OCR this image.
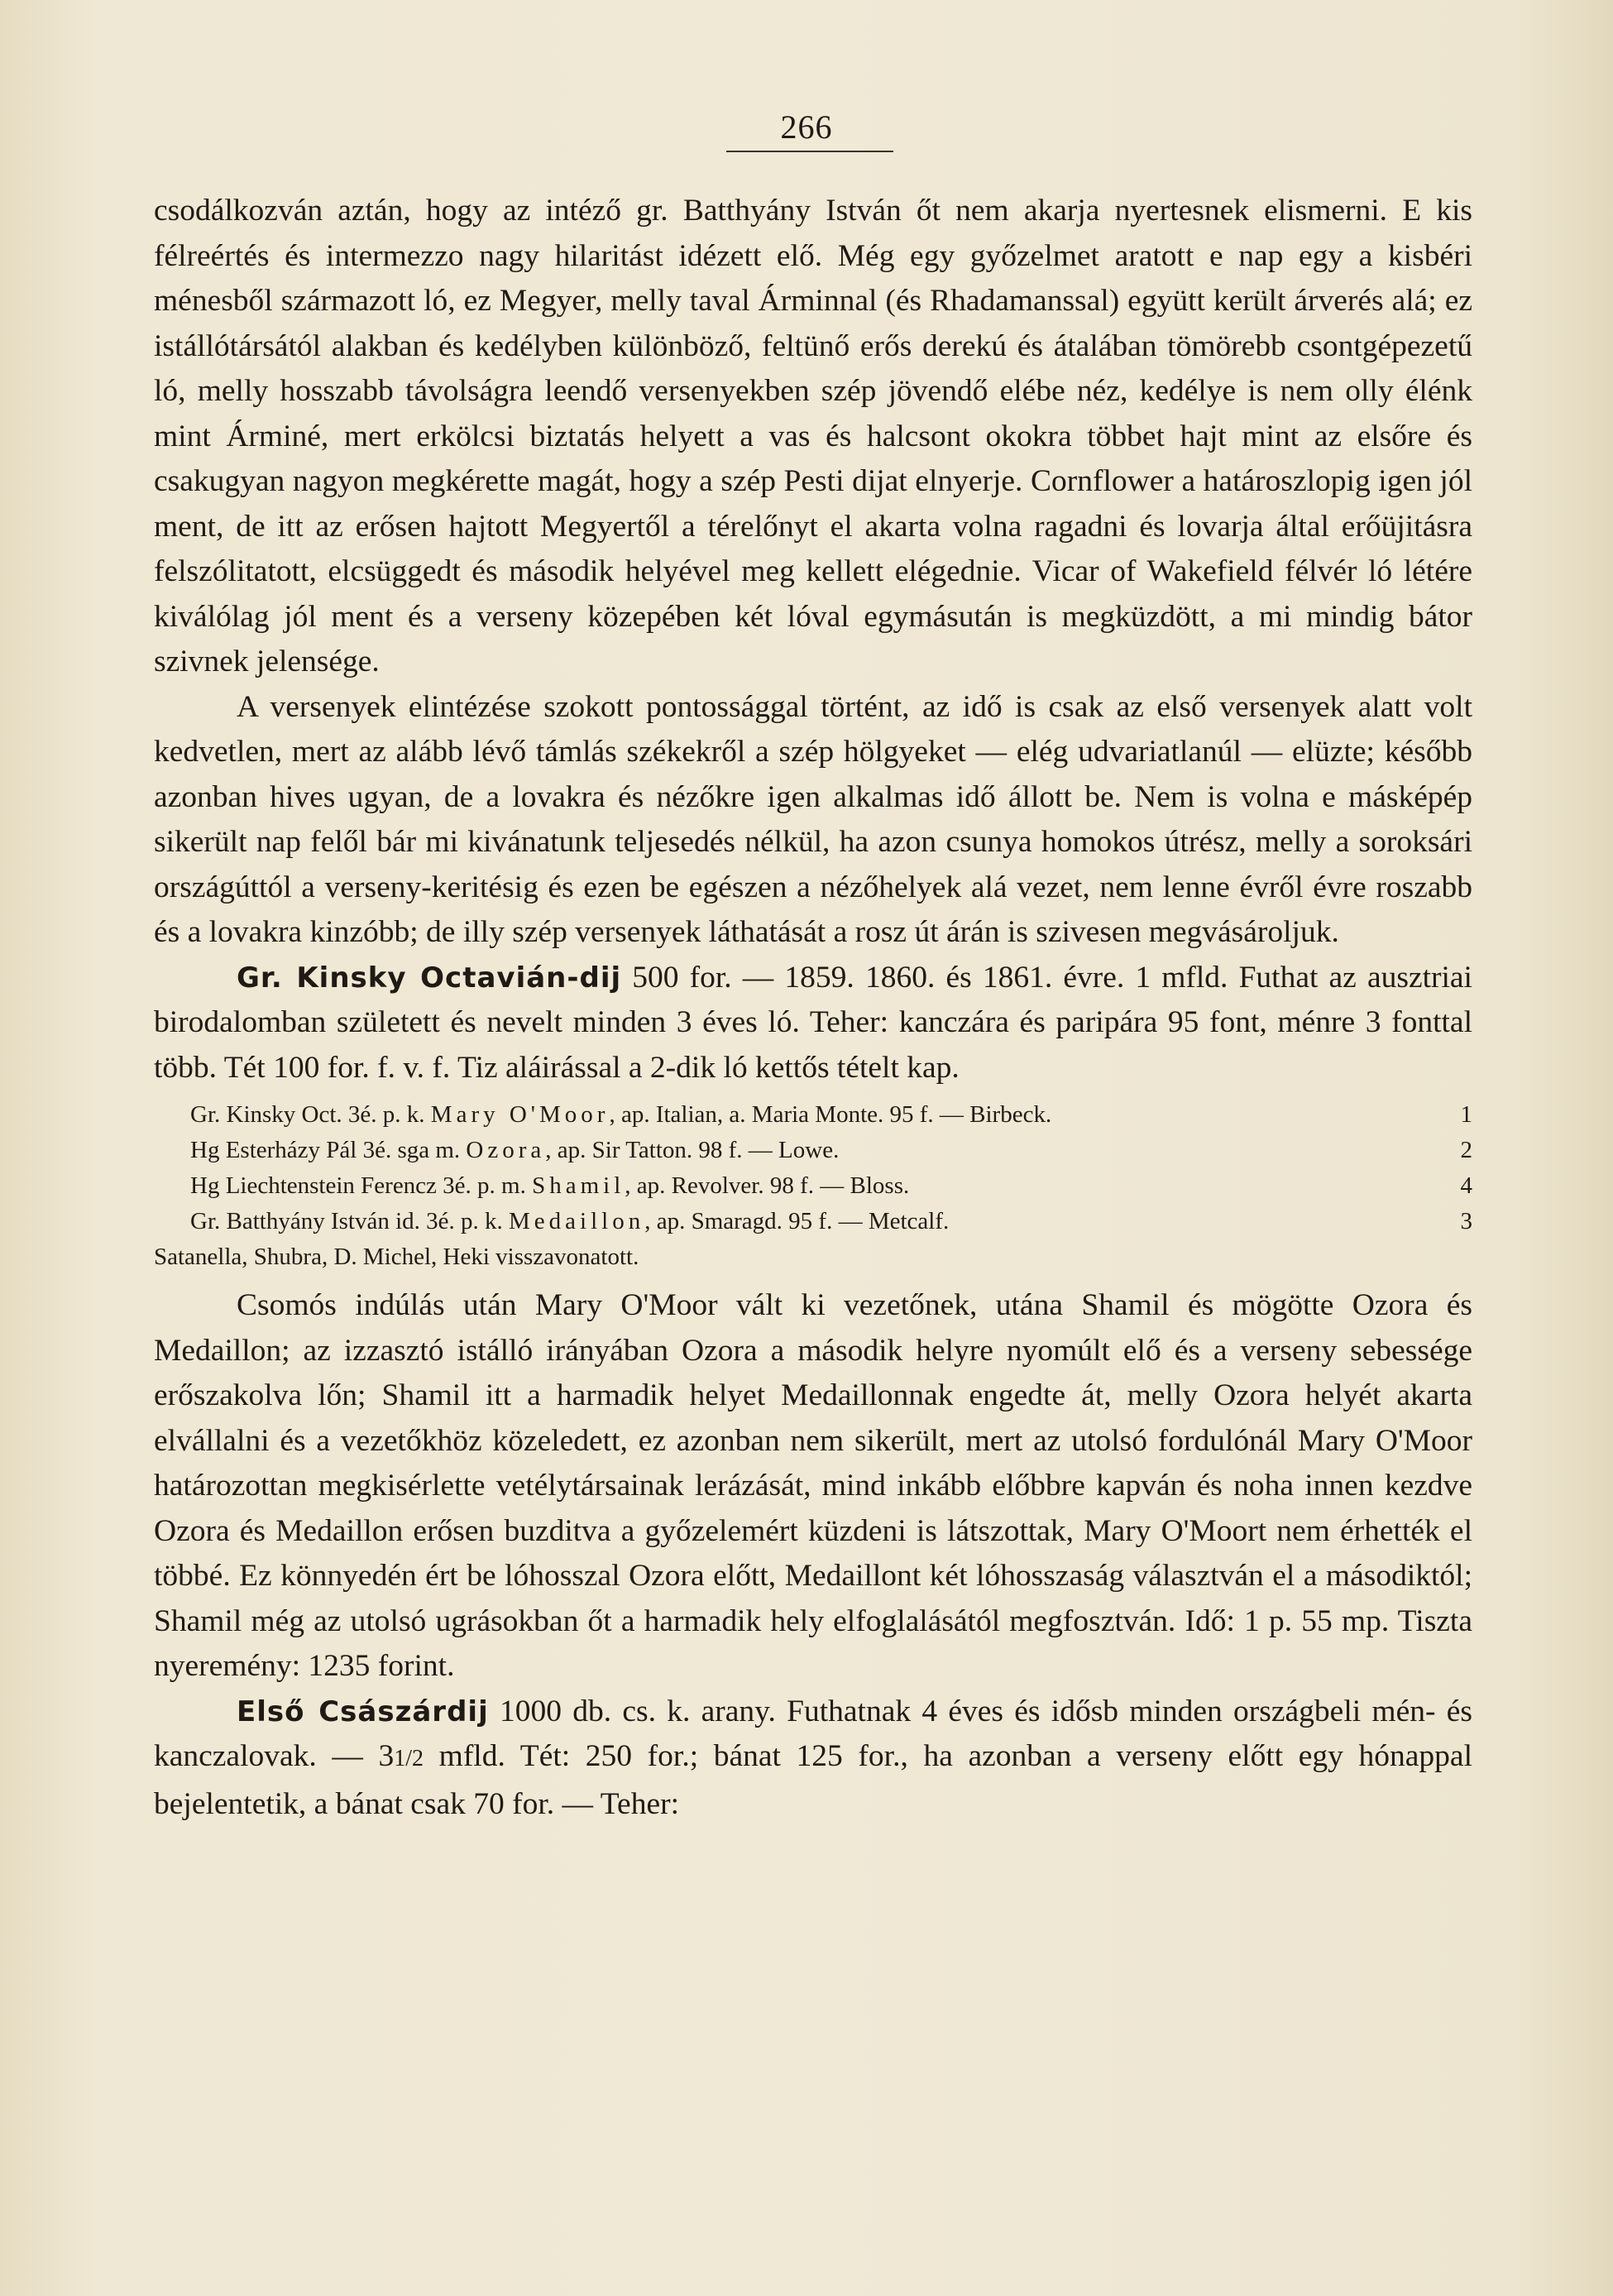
266

csodálkozván aztán, hogy az intéző gr. Batthyány István őt nem akarja nyertesnek elismerni. E kis félreértés és intermezzo nagy hilaritást idézett elő. Még egy győzelmet aratott e nap egy a kisbéri ménesből származott ló, ez Megyer, melly taval Árminnal (és Rhadamanssal) együtt került árverés alá; ez istállótársától alakban és kedélyben különböző, feltünő erős derekú és átalában tömörebb csontgépezetű ló, melly hosszabb távolságra leendő versenyekben szép jövendő elébe néz, kedélye is nem olly élénk mint Árminé, mert erkölcsi biztatás helyett a vas és halcsont okokra többet hajt mint az elsőre és csakugyan nagyon megkérette magát, hogy a szép Pesti dijat elnyerje. Cornflower a határoszlopig igen jól ment, de itt az erősen hajtott Megyertől a térelőnyt el akarta volna ragadni és lovarja által erőüjitásra felszólitatott, elcsüggedt és második helyével meg kellett elégednie. Vicar of Wakefield félvér ló létére kiválólag jól ment és a verseny közepében két lóval egymásután is megküzdött, a mi mindig bátor szivnek jelensége.

A versenyek elintézése szokott pontossággal történt, az idő is csak az első versenyek alatt volt kedvetlen, mert az alább lévő támlás székekről a szép hölgyeket — elég udvariatlanúl — elüzte; később azonban hives ugyan, de a lovakra és nézőkre igen alkalmas idő állott be. Nem is volna e másképép sikerült nap felől bár mi kivánatunk teljesedés nélkül, ha azon csunya homokos útrész, melly a soroksári országúttól a verseny-keritésig és ezen be egészen a nézőhelyek alá vezet, nem lenne évről évre roszabb és a lovakra kinzóbb; de illy szép versenyek láthatását a rosz út árán is szivesen megvásároljuk.

Gr. Kinsky Octavián-dij 500 for. — 1859. 1860. és 1861. évre. 1 mfld. Futhat az ausztriai birodalomban született és nevelt minden 3 éves ló. Teher: kanczára és paripára 95 font, ménre 3 fonttal több. Tét 100 for. f. v. f. Tiz aláirással a 2-dik ló kettős tételt kap.

Gr. Kinsky Oct. 3é. p. k. Mary O'Moor, ap. Italian, a. Maria Monte. 95 f. — Birbeck.	1
Hg Esterházy Pál 3é. sga m. Ozora, ap. Sir Tatton. 98 f. — Lowe.	2
Hg Liechtenstein Ferencz 3é. p. m. Shamil, ap. Revolver. 98 f. — Bloss.	4
Gr. Batthyány István id. 3é. p. k. Medaillon, ap. Smaragd. 95 f. — Metcalf.	3
Satanella, Shubra, D. Michel, Heki visszavonatott.

Csomós indúlás után Mary O'Moor vált ki vezetőnek, utána Shamil és mögötte Ozora és Medaillon; az izzasztó istálló irányában Ozora a második helyre nyomúlt elő és a verseny sebessége erőszakolva lőn; Shamil itt a harmadik helyet Medaillonnak engedte át, melly Ozora helyét akarta elvállalni és a vezetőkhöz közeledett, ez azonban nem sikerült, mert az utolsó fordulónál Mary O'Moor határozottan megkisérlette vetélytársainak lerázását, mind inkább előbbre kapván és noha innen kezdve Ozora és Medaillon erősen buzditva a győzelemért küzdeni is látszottak, Mary O'Moort nem érhették el többé. Ez könnyedén ért be lóhosszal Ozora előtt, Medaillont két lóhosszaság választván el a másodiktól; Shamil még az utolsó ugrásokban őt a harmadik hely elfoglalásától megfosztván. Idő: 1 p. 55 mp. Tiszta nyeremény: 1235 forint.

Első Császárdij 1000 db. cs. k. arany. Futhatnak 4 éves és idősb minden országbeli mén- és kanczalovak. — 31/2 mfld. Tét: 250 for.; bánat 125 for., ha azonban a verseny előtt egy hónappal bejelentetik, a bánat csak 70 for. — Teher:
